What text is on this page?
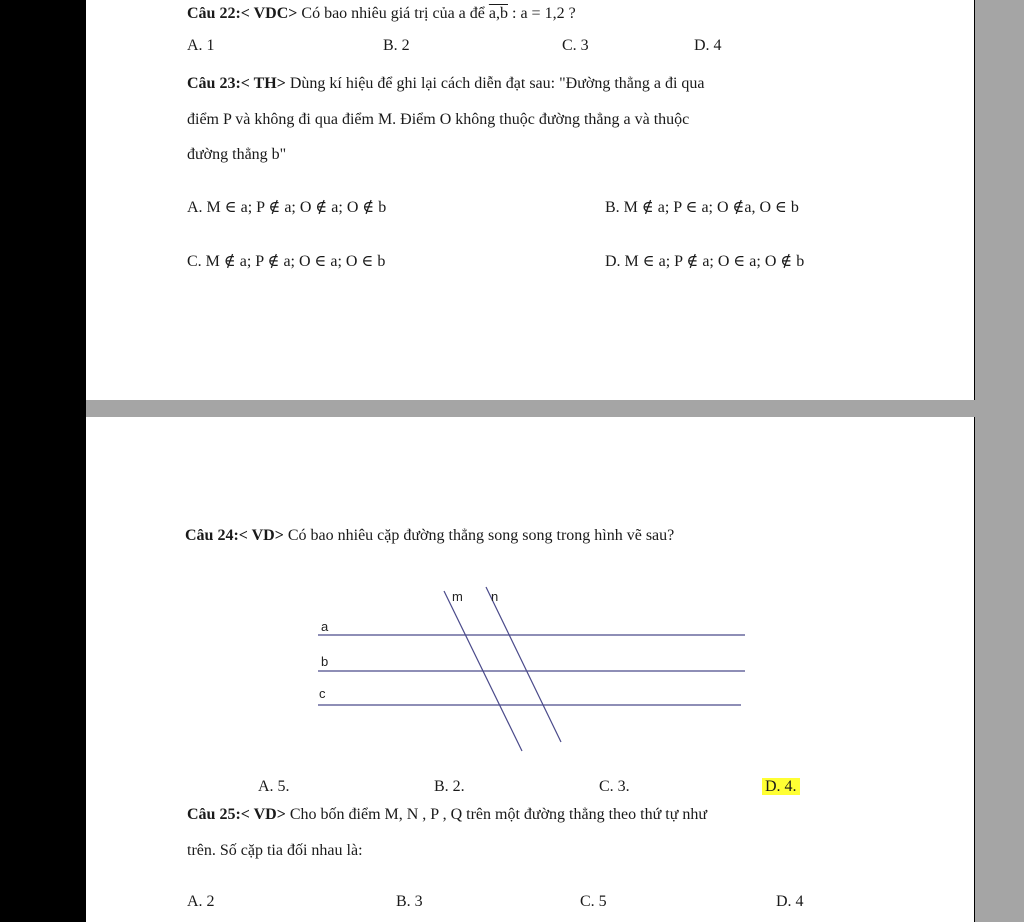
Câu 22:< VDC> Có bao nhiêu giá trị của a để a,b : a = 1,2 ?
A. 1	B. 2	C. 3	D. 4
Câu 23:< TH> Dùng kí hiệu để ghi lại cách diễn đạt sau: "Đường thẳng a đi qua
điểm P và không đi qua điểm M. Điểm O không thuộc đường thẳng a và thuộc
đường thẳng b"
A. M ∈ a; P ∉ a; O ∉ a; O ∉ b	B. M ∉ a; P ∈ a; O ∉a, O ∈ b
C. M ∉ a; P ∉ a; O ∈ a; O ∈ b	D. M ∈ a; P ∉ a; O ∈ a; O ∉ b
Câu 24:< VD> Có bao nhiêu cặp đường thẳng song song trong hình vẽ sau?
m n
a
b
c
A. 5.	B. 2.	C. 3.	D. 4.
Câu 25:< VD> Cho bốn điểm M, N , P , Q trên một đường thẳng theo thứ tự như
trên. Số cặp tia đối nhau là:
A. 2	B. 3	C. 5	D. 4
